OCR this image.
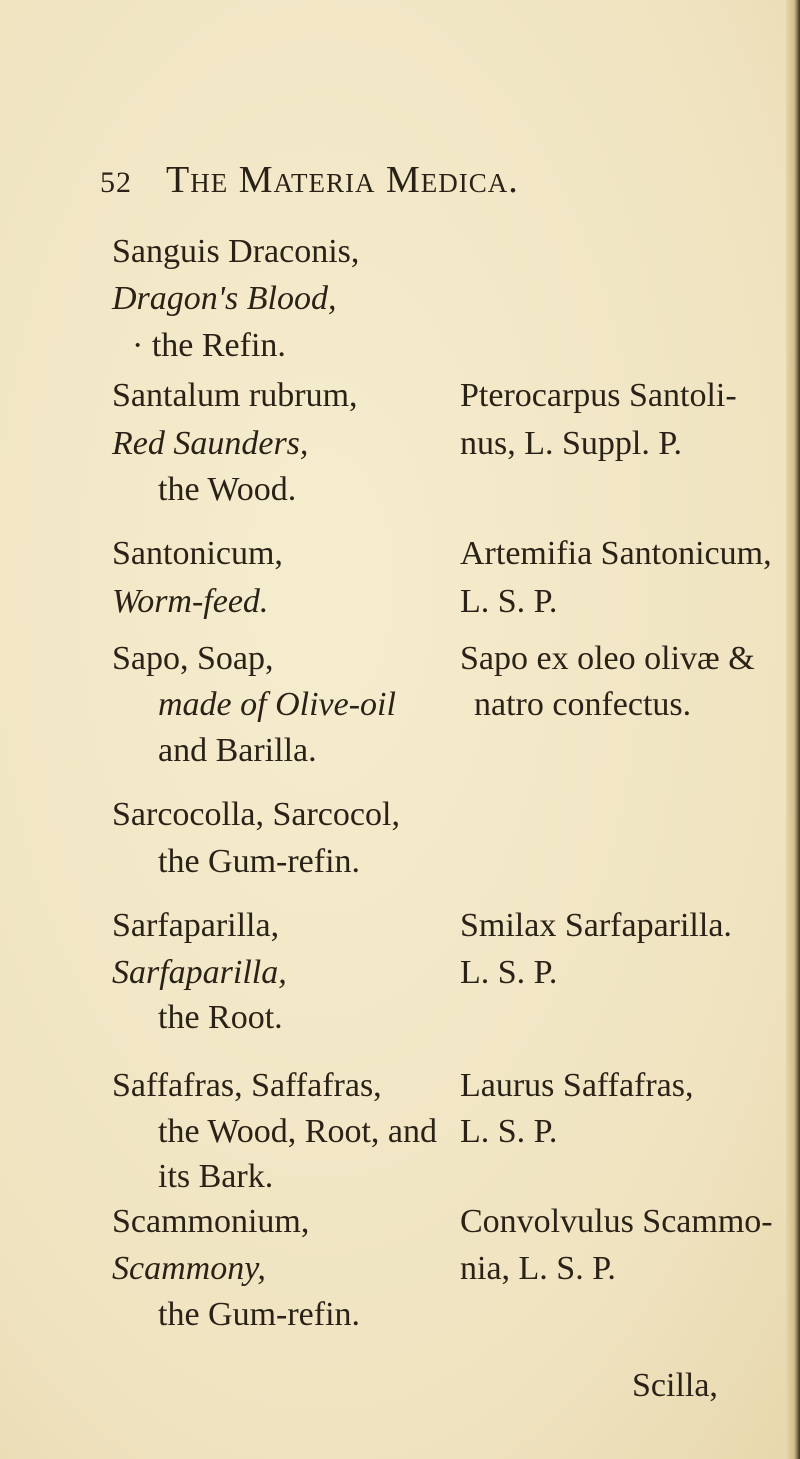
52 The Materia Medica.
Sanguis Draconis,
Dragon's Blood,
· the Refin.
Santalum rubrum,
Red Saunders,
the Wood.
Pterocarpus Santoli-
nus, L. Suppl. P.
Santonicum,
Worm-feed.
Artemifia Santonicum,
L. S. P.
Sapo, Soap,
made of Olive-oil
and Barilla.
Sapo ex oleo olivæ &
natro confectus.
Sarcocolla, Sarcocol,
the Gum-refin.
Sarfaparilla,
Sarfaparilla,
the Root.
Smilax Sarfaparilla.
L. S. P.
Saffafras, Saffafras,
the Wood, Root, and
its Bark.
Laurus Saffafras,
L. S. P.
Scammonium,
Scammony,
the Gum-refin.
Convolvulus Scammo-
nia, L. S. P.
Scilla,
